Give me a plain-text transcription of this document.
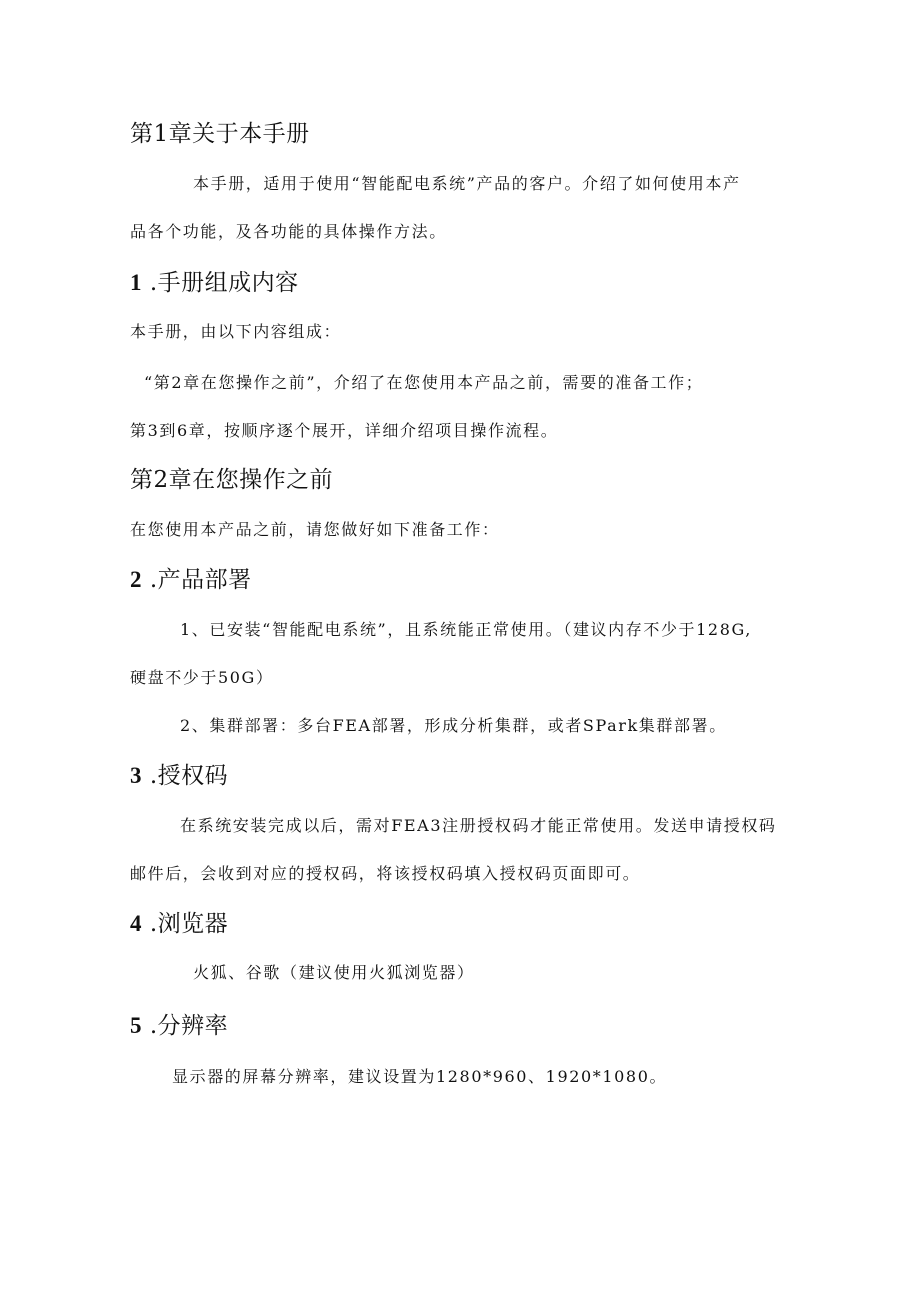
第1章关于本手册
本手册，适用于使用“智能配电系统”产品的客户。介绍了如何使用本产
品各个功能，及各功能的具体操作方法。
1 .手册组成内容
本手册，由以下内容组成：
“第2章在您操作之前”，介绍了在您使用本产品之前，需要的准备工作；
第3到6章，按顺序逐个展开，详细介绍项目操作流程。
第2章在您操作之前
在您使用本产品之前，请您做好如下准备工作：
2 .产品部署
1、已安装“智能配电系统”，且系统能正常使用。（建议内存不少于128G,
硬盘不少于50G）
2、集群部署：多台FEA部署，形成分析集群，或者SPark集群部署。
3 .授权码
在系统安装完成以后，需对FEA3注册授权码才能正常使用。发送申请授权码
邮件后，会收到对应的授权码，将该授权码填入授权码页面即可。
4 .浏览器
火狐、谷歌（建议使用火狐浏览器）
5 .分辨率
显示器的屏幕分辨率，建议设置为1280*960、1920*1080。
